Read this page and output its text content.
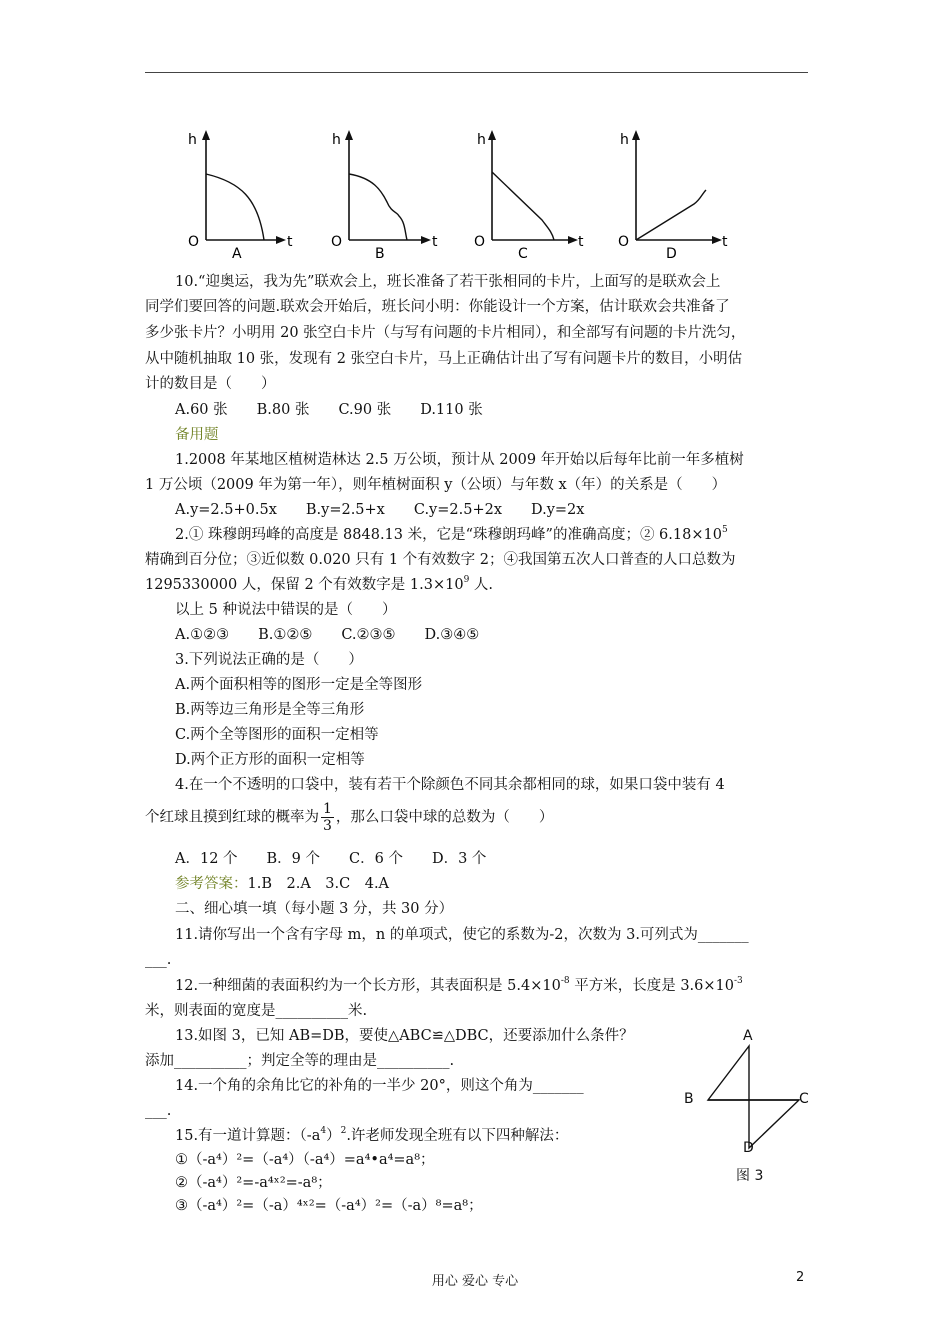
h
O	t
A
h
O	t
B
h
O	t
C
h
O	t
D
10.“迎奥运，我为先”联欢会上，班长准备了若干张相同的卡片，上面写的是联欢会上
同学们要回答的问题.联欢会开始后，班长问小明：你能设计一个方案，估计联欢会共准备了
多少张卡片？小明用 20 张空白卡片（与写有问题的卡片相同），和全部写有问题的卡片洗匀，
从中随机抽取 10 张，发现有 2 张空白卡片，马上正确估计出了写有问题卡片的数目，小明估
计的数目是（　　）
A.60 张　　B.80 张　　C.90 张　　D.110 张
备用题
1.2008 年某地区植树造林达 2.5 万公顷，预计从 2009 年开始以后每年比前一年多植树
1 万公顷（2009 年为第一年），则年植树面积 y（公顷）与年数 x（年）的关系是（　　）
A.y=2.5+0.5x　　B.y=2.5+x　　C.y=2.5+2x　　D.y=2x
2.① 珠穆朗玛峰的高度是 8848.13 米，它是“珠穆朗玛峰”的准确高度；② $6.18\times 10^5$
精确到百分位；③近似数 0.020 只有 1 个有效数字 2；④我国第五次人口普查的人口总数为
1295330000 人，保留 2 个有效数字是 $1.3\times 10^9$ 人.
以上 5 种说法中错误的是（　　）
A.①②③　　B.①②⑤　　C.②③⑤　　D.③④⑤
3.下列说法正确的是（　　）
A.两个面积相等的图形一定是全等图形
B.两等边三角形是全等三角形
C.两个全等图形的面积一定相等
D.两个正方形的面积一定相等
4.在一个不透明的口袋中，装有若干个除颜色不同其余都相同的球，如果口袋中装有 4
个红球且摸到红球的概率为 $\frac{1}{3}$ ，那么口袋中球的总数为（　　）
A．12 个　　B．9 个　　C．6 个　　D．3 个
参考答案：1.B　2.A　3.C　4.A
二、细心填一填（每小题 3 分，共 30 分）
11.请你写出一个含有字母 m，n 的单项式，使它的系数为-2，次数为 3.可列式为_______
___.
12.一种细菌的表面积约为一个长方形，其表面积是 $5.4\times 10^{-8}$ 平方米，长度是 $3.6\times 10^{-3}$
米，则表面的宽度是__________米.
13.如图 3，已知 AB=DB，要使△ABC≌△DBC，还要添加什么条件？
添加__________；判定全等的理由是__________.
14.一个角的余角比它的补角的一半少 20°，则这个角为_______
___.
15.有一道计算题：$(-a^4)^2$.许老师发现全班有以下四种解法：
①（-a⁴）²=（-a⁴）（-a⁴）=a⁴•a⁴=a⁸；
②（-a⁴）²=-a⁴ˣ²=-a⁸；
③（-a⁴）²=（-a）⁴ˣ²=（-a⁴）²=（-a）⁸=a⁸；
A
B	C
D
图 3
用心 爱心 专心	2
